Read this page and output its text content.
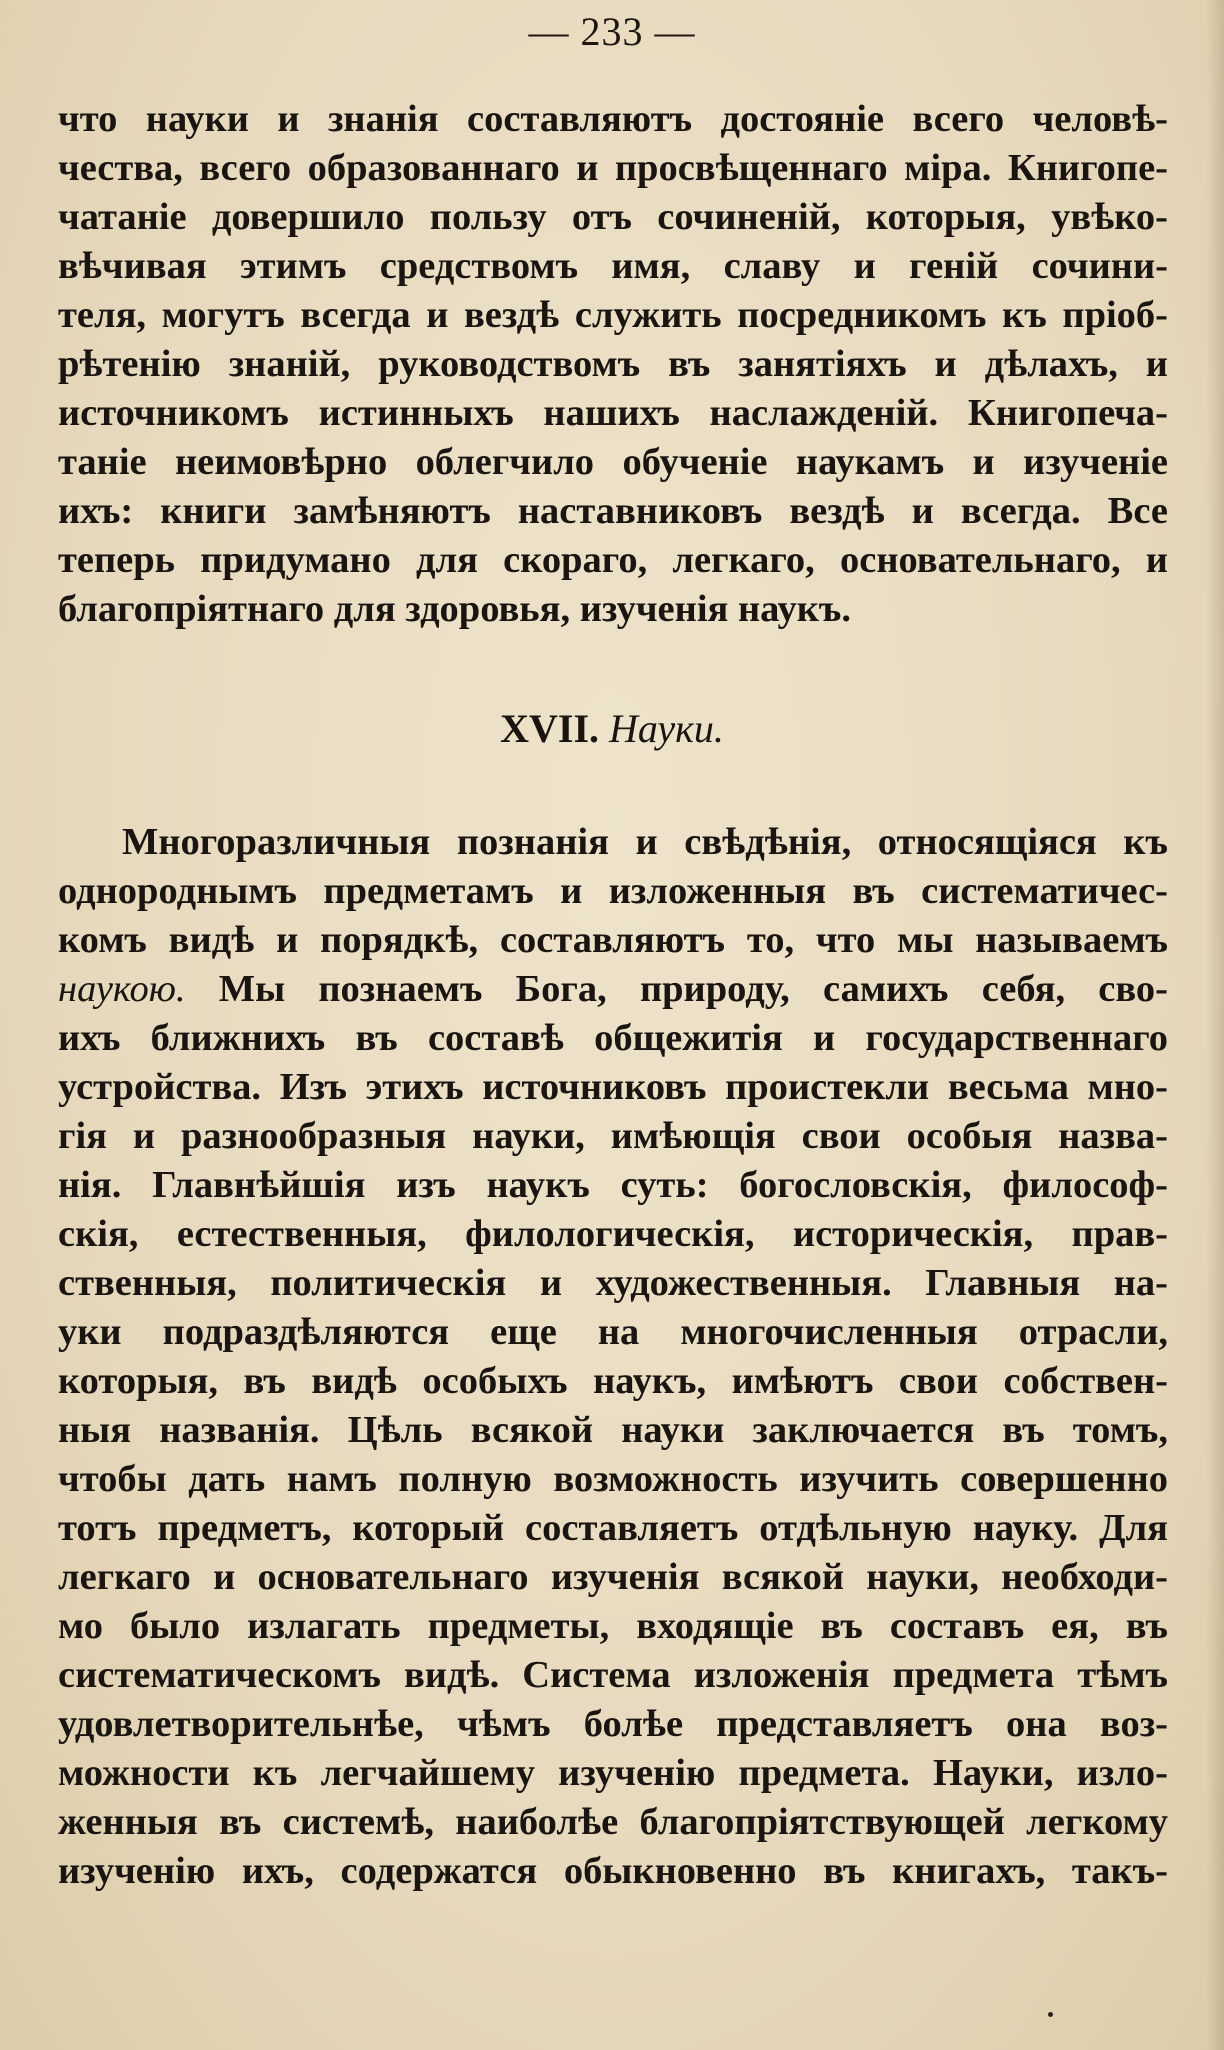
— 233 —
что науки и знанія составляютъ достояніе всего человѣ-
чества, всего образованнаго и просвѣщеннаго міра. Книгопе-
чатаніе довершило пользу отъ сочиненій, которыя, увѣко-
вѣчивая этимъ средствомъ имя, славу и геній сочини-
теля, могутъ всегда и вездѣ служить посредникомъ къ пріоб-
рѣтенію знаній, руководствомъ въ занятіяхъ и дѣлахъ, и
источникомъ истинныхъ нашихъ наслажденій. Книгопеча-
таніе неимовѣрно облегчило обученіе наукамъ и изученіе
ихъ: книги замѣняютъ наставниковъ вездѣ и всегда. Все
теперь придумано для скораго, легкаго, основательнаго, и
благопріятнаго для здоровья, изученія наукъ.
XVII. Науки.
Многоразличныя познанія и свѣдѣнія, относящіяся къ
однороднымъ предметамъ и изложенныя въ систематичес-
комъ видѣ и порядкѣ, составляютъ то, что мы называемъ
наукою. Мы познаемъ Бога, природу, самихъ себя, сво-
ихъ ближнихъ въ составѣ общежитія и государственнаго
устройства. Изъ этихъ источниковъ проистекли весьма мно-
гія и разнообразныя науки, имѣющія свои особыя назва-
нія. Главнѣйшія изъ наукъ суть: богословскія, философ-
скія, естественныя, филологическія, историческія, прав-
ственныя, политическія и художественныя. Главныя на-
уки подраздѣляются еще на многочисленныя отрасли,
которыя, въ видѣ особыхъ наукъ, имѣютъ свои собствен-
ныя названія. Цѣль всякой науки заключается въ томъ,
чтобы дать намъ полную возможность изучить совершенно
тотъ предметъ, который составляетъ отдѣльную науку. Для
легкаго и основательнаго изученія всякой науки, необходи-
мо было излагать предметы, входящіе въ составъ ея, въ
систематическомъ видѣ. Система изложенія предмета тѣмъ
удовлетворительнѣе, чѣмъ болѣе представляетъ она воз-
можности къ легчайшему изученію предмета. Науки, изло-
женныя въ системѣ, наиболѣе благопріятствующей легкому
изученію ихъ, содержатся обыкновенно въ книгахъ, такъ-
